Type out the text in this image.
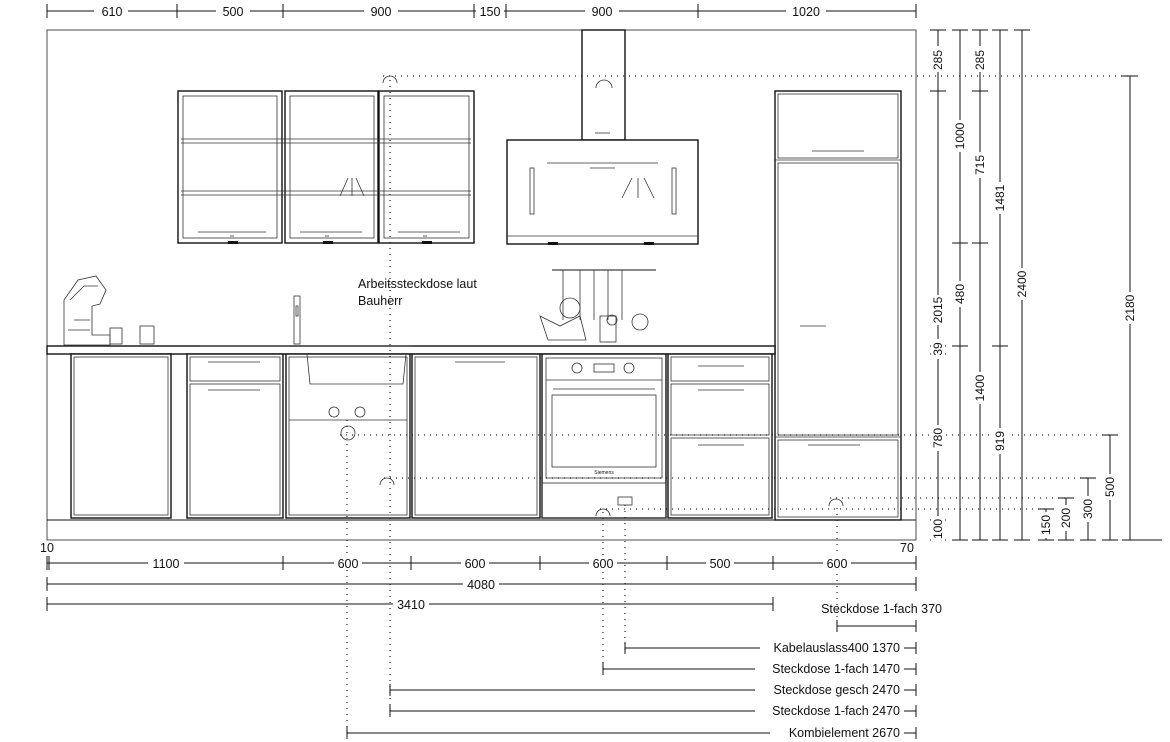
610	500	900	150	900	1020
Siemens
Arbeitssteckdose laut
Bauherr
285
2015
39
780
100
1000
480
1400
285
715
1481
919
2400
150 200 300
500
2180
10	70
1100	600	600	600	500	600
4080
3410	Steckdose 1-fach 370
Kabelauslass400 1370
Steckdose 1-fach 1470
Steckdose gesch 2470
Steckdose 1-fach 2470
Kombielement 2670
